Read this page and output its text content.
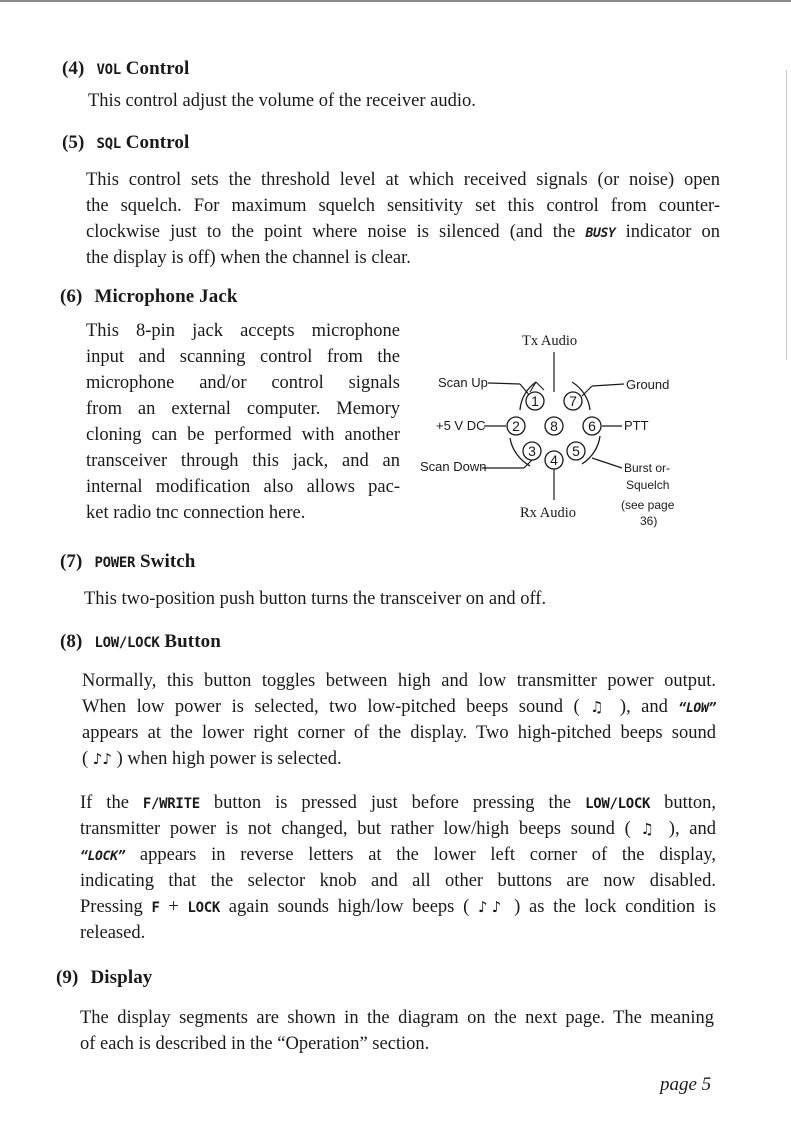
(4) VOL Control
This control adjust the volume of the receiver audio.
(5) SQL Control
This control sets the threshold level at which received signals (or noise) open
the squelch. For maximum squelch sensitivity set this control from counter-
clockwise just to the point where noise is silenced (and the BUSY indicator on
the display is off) when the channel is clear.
(6) Microphone Jack
This 8-pin jack accepts microphone
input and scanning control from the
microphone and/or control signals
from an external computer. Memory
cloning can be performed with another
transceiver through this jack, and an
internal modification also allows pac-
ket radio tnc connection here.
Tx Audio
Scan Up
+5 V DC
Scan Down
Ground
PTT
Burst or-
Squelch
(see page
36)
Rx Audio
1 7
2 8 6
3
4
5
(7) POWER Switch
This two-position push button turns the transceiver on and off.
(8) LOW/LOCK Button
Normally, this button toggles between high and low transmitter power output.
When low power is selected, two low-pitched beeps sound ( ♫ ), and “LOW”
appears at the lower right corner of the display. Two high-pitched beeps sound
( ♪♪ ) when high power is selected.
If the F/WRITE button is pressed just before pressing the LOW/LOCK button,
transmitter power is not changed, but rather low/high beeps sound ( ♫ ), and
“LOCK” appears in reverse letters at the lower left corner of the display,
indicating that the selector knob and all other buttons are now disabled.
Pressing F + LOCK again sounds high/low beeps ( ♪♪ ) as the lock condition is
released.
(9) Display
The display segments are shown in the diagram on the next page. The meaning
of each is described in the “Operation” section.
page 5
